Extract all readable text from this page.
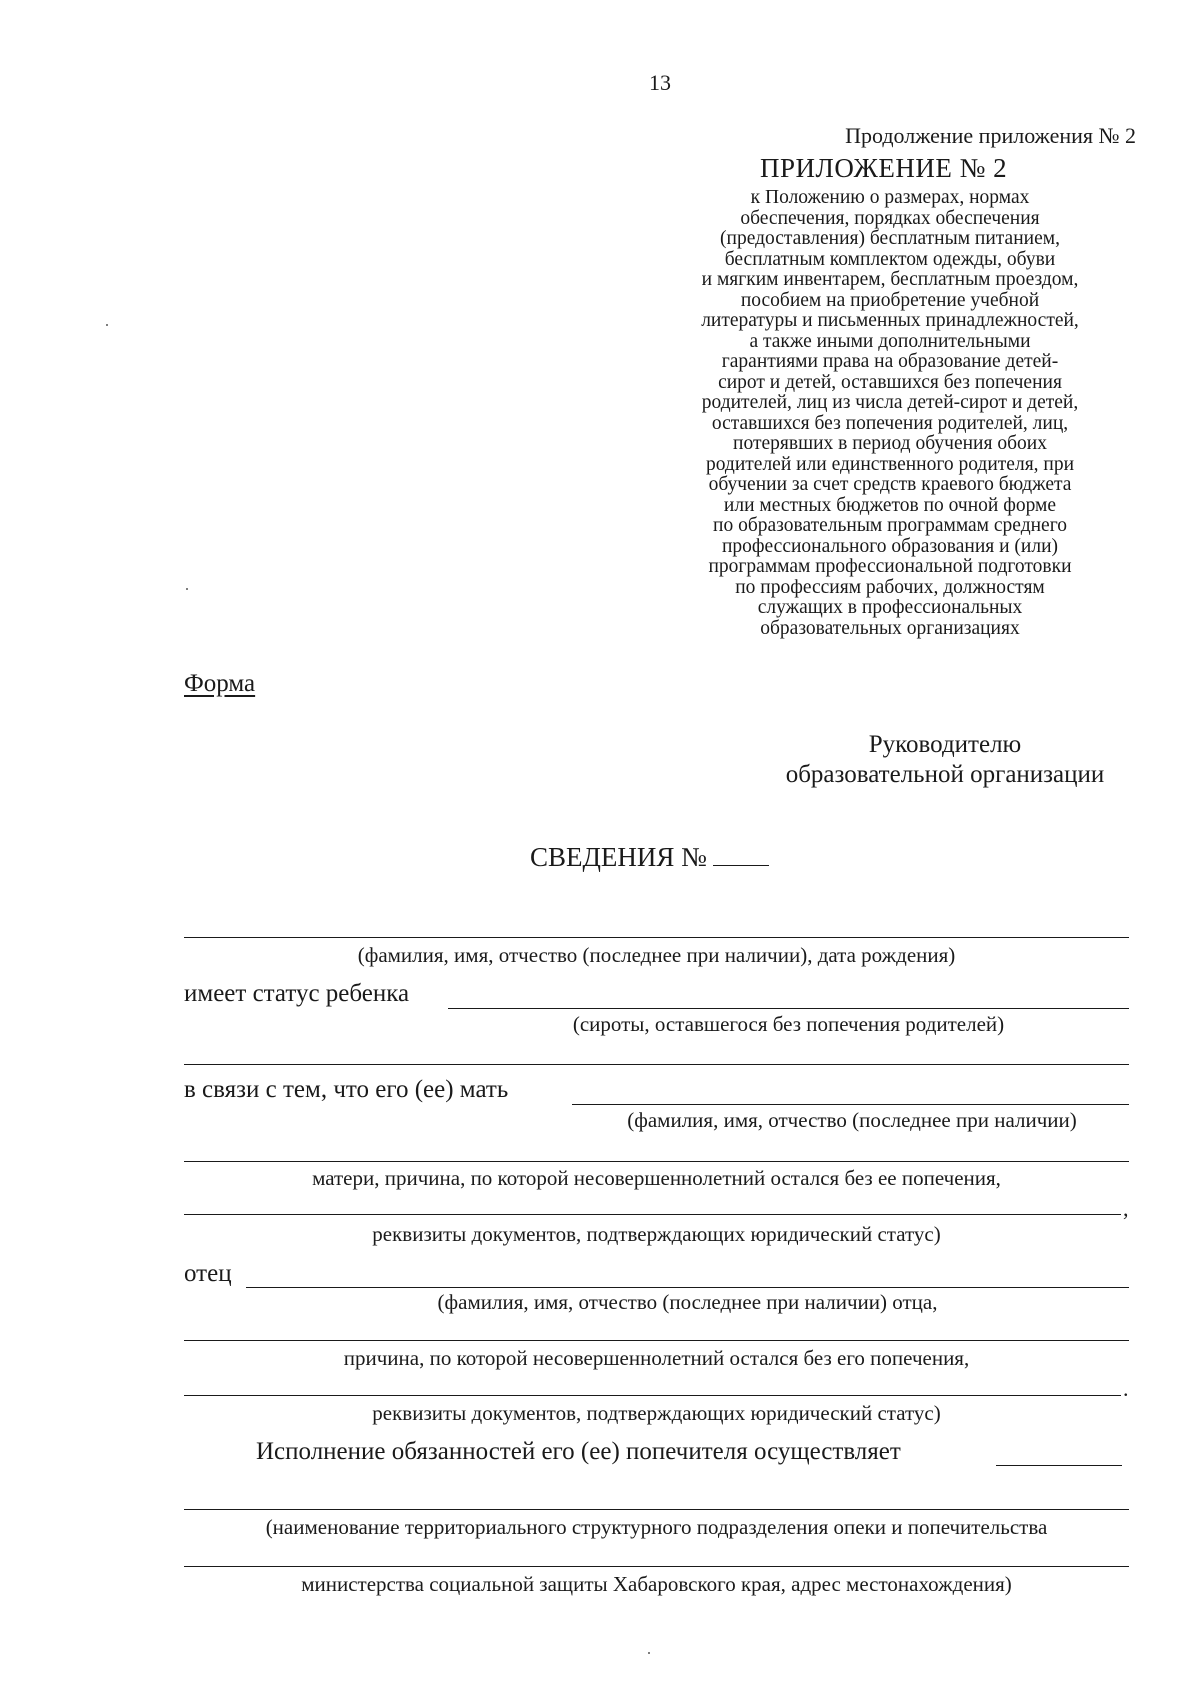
13
Продолжение приложения № 2
ПРИЛОЖЕНИЕ № 2
к Положению о размерах, нормах
обеспечения, порядках обеспечения
(предоставления) бесплатным питанием,
бесплатным комплектом одежды, обуви
и мягким инвентарем, бесплатным проездом,
пособием на приобретение учебной
литературы и письменных принадлежностей,
а также иными дополнительными
гарантиями права на образование детей-
сирот и детей, оставшихся без попечения
родителей, лиц из числа детей-сирот и детей,
оставшихся без попечения родителей, лиц,
потерявших в период обучения обоих
родителей или единственного родителя, при
обучении за счет средств краевого бюджета
или местных бюджетов по очной форме
по образовательным программам среднего
профессионального образования и (или)
программам профессиональной подготовки
по профессиям рабочих, должностям
служащих в профессиональных
образовательных организациях
Форма
Руководителю
образовательной организации
СВЕДЕНИЯ №
(фамилия, имя, отчество (последнее при наличии), дата рождения)
имеет статус ребенка
(сироты, оставшегося без попечения родителей)
в связи с тем, что его (ее) мать
(фамилия, имя, отчество (последнее при наличии)
матери, причина, по которой несовершеннолетний остался без ее попечения,
,
реквизиты документов, подтверждающих юридический статус)
отец
(фамилия, имя, отчество (последнее при наличии) отца,
причина, по которой несовершеннолетний остался без его попечения,
.
реквизиты документов, подтверждающих юридический статус)
Исполнение обязанностей его (ее) попечителя осуществляет
(наименование территориального структурного подразделения опеки и попечительства
министерства социальной защиты Хабаровского края, адрес местонахождения)
